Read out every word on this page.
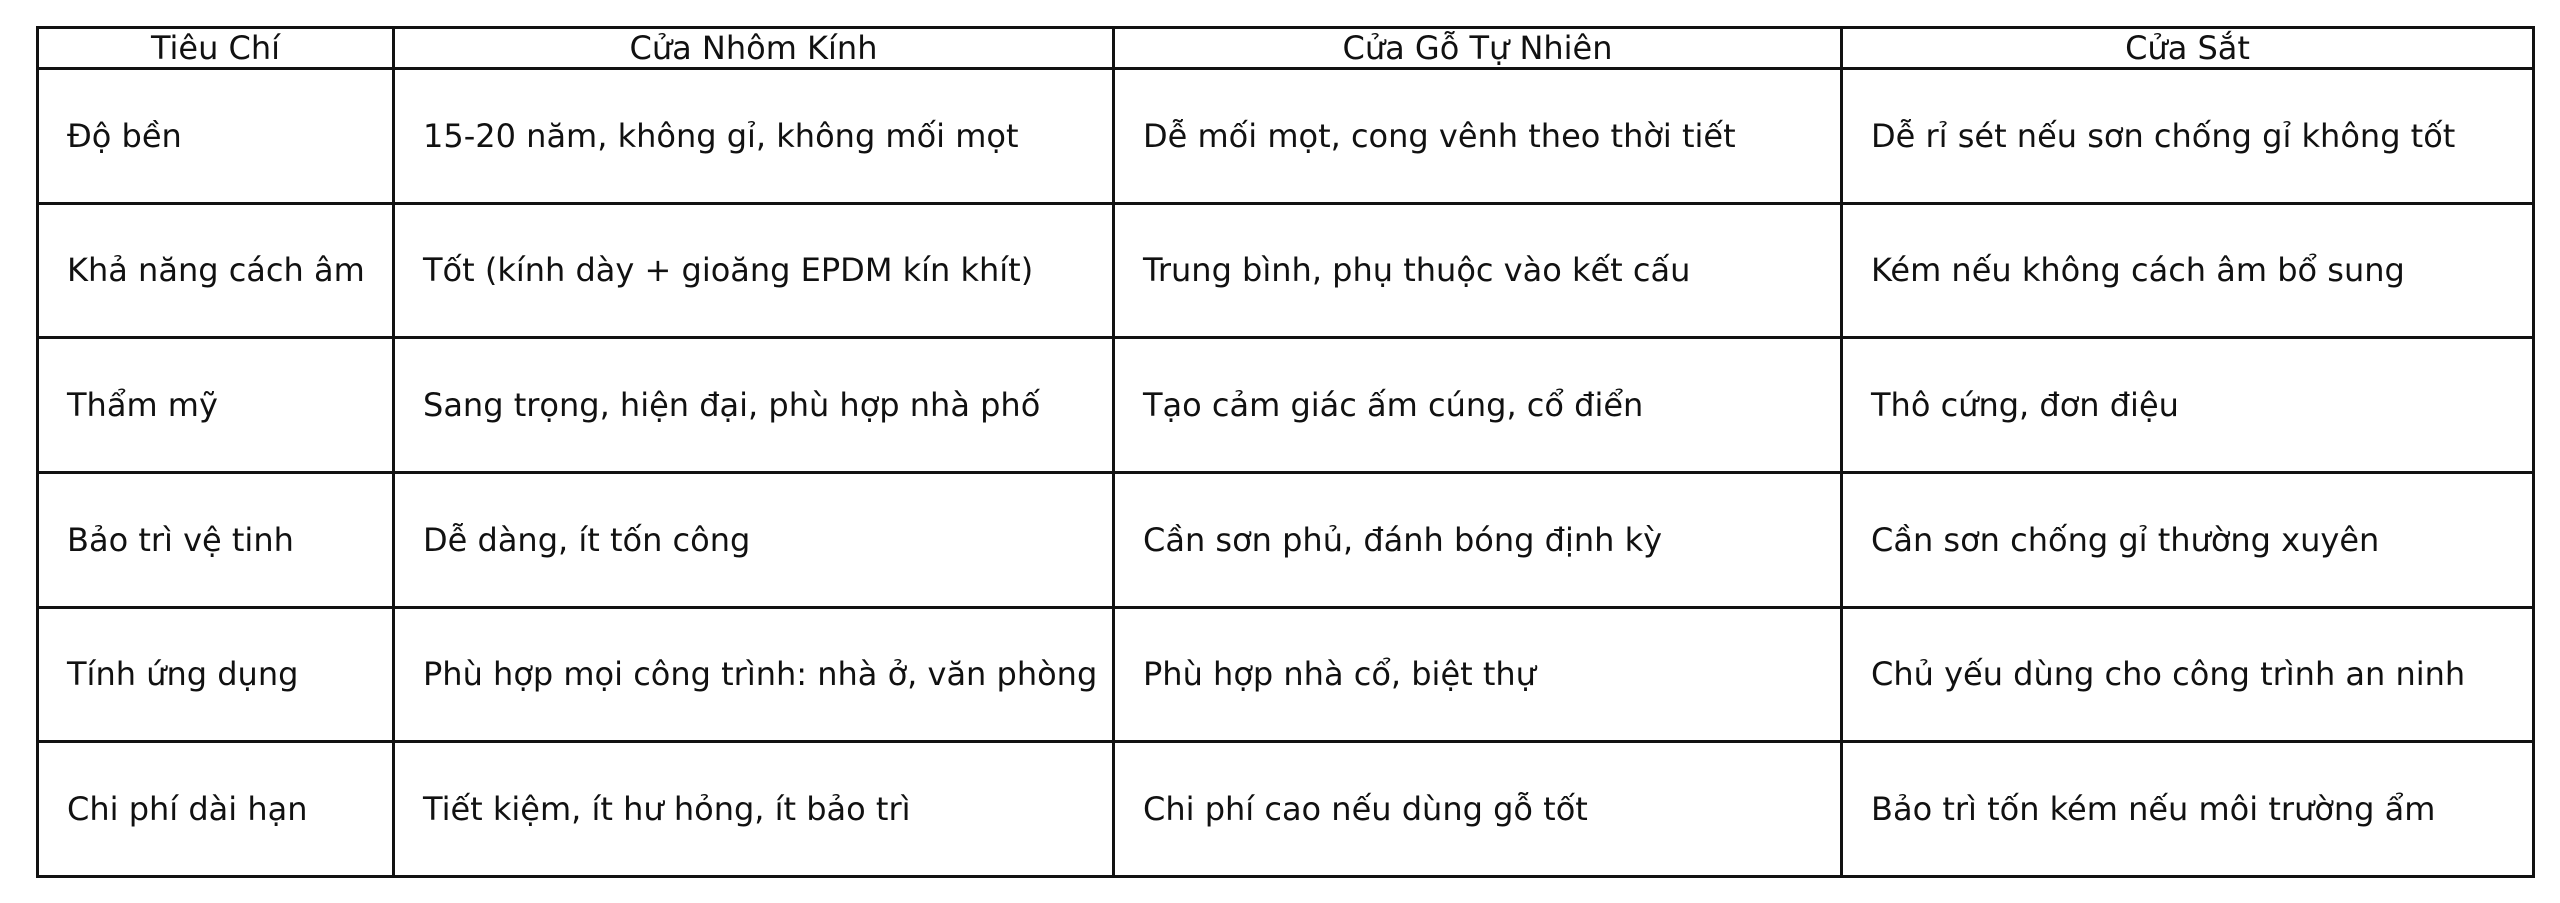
Tiêu Chí	Cửa Nhôm Kính	Cửa Gỗ Tự Nhiên	Cửa Sắt
Độ bền	15-20 năm, không gỉ, không mối mọt	Dễ mối mọt, cong vênh theo thời tiết	Dễ rỉ sét nếu sơn chống gỉ không tốt
Khả năng cách âm	Tốt (kính dày + gioăng EPDM kín khít)	Trung bình, phụ thuộc vào kết cấu	Kém nếu không cách âm bổ sung
Thẩm mỹ	Sang trọng, hiện đại, phù hợp nhà phố	Tạo cảm giác ấm cúng, cổ điển	Thô cứng, đơn điệu
Bảo trì vệ tinh	Dễ dàng, ít tốn công	Cần sơn phủ, đánh bóng định kỳ	Cần sơn chống gỉ thường xuyên
Tính ứng dụng	Phù hợp mọi công trình: nhà ở, văn phòng	Phù hợp nhà cổ, biệt thự	Chủ yếu dùng cho công trình an ninh
Chi phí dài hạn	Tiết kiệm, ít hư hỏng, ít bảo trì	Chi phí cao nếu dùng gỗ tốt	Bảo trì tốn kém nếu môi trường ẩm
